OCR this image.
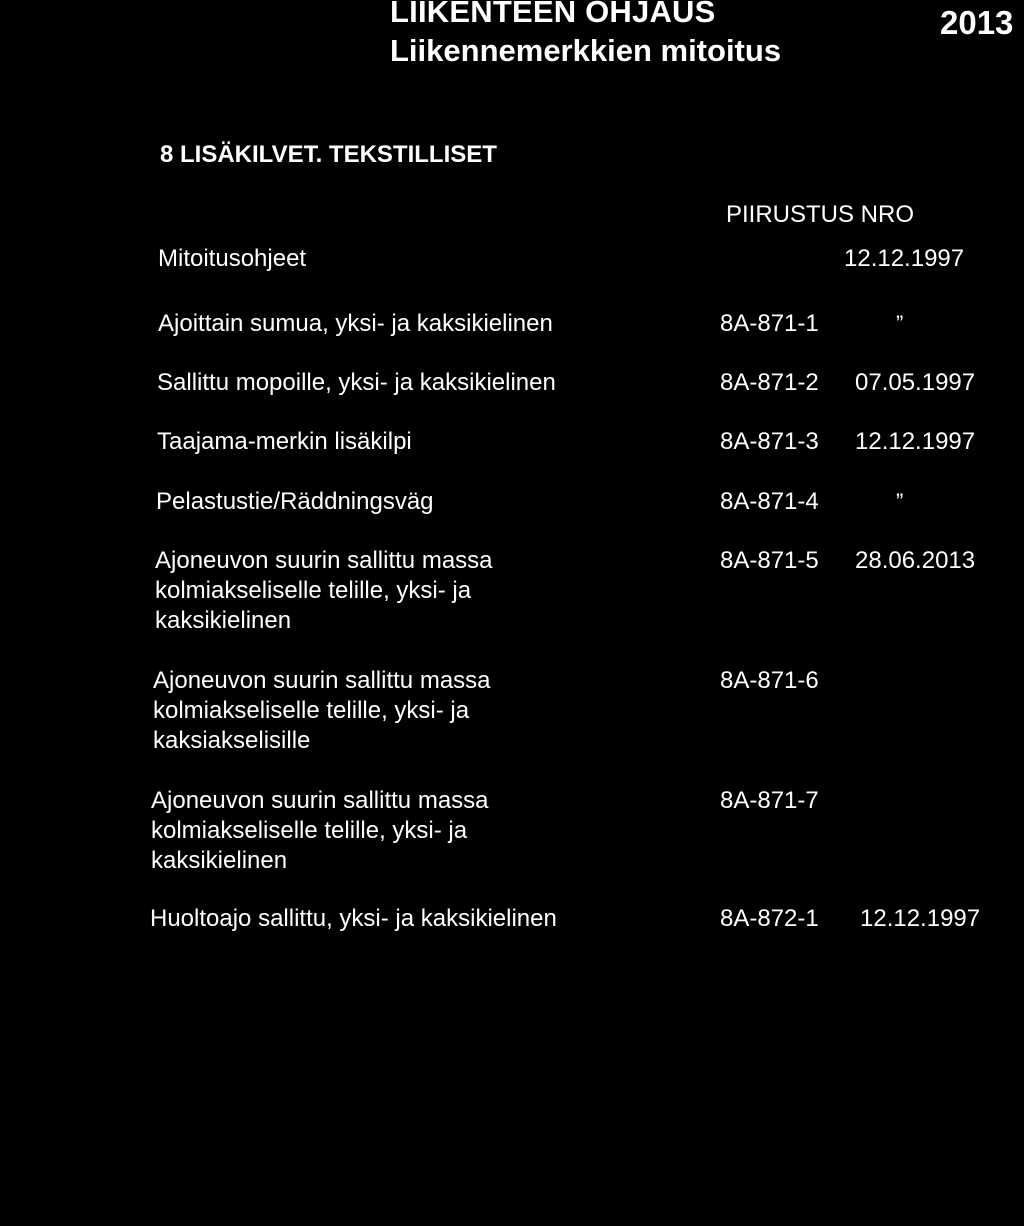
LIIKENTEEN OHJAUS
Liikennemerkkien mitoitus
2013
8 LISÄKILVET. TEKSTILLISET
PIIRUSTUS NRO
Mitoitusohjeet	12.12.1997
Ajoittain sumua, yksi- ja kaksikielinen	8A-871-1	”
Sallittu mopoille, yksi- ja kaksikielinen	8A-871-2 07.05.1997
Taajama-merkin lisäkilpi	8A-871-3 12.12.1997
Pelastustie/Räddningsväg	8A-871-4	”
Ajoneuvon suurin sallittu massa
kolmiakseliselle telille, yksi- ja
kaksikielinen
8A-871-5 28.06.2013
Ajoneuvon suurin sallittu massa
kolmiakseliselle telille, yksi- ja
kaksiakselisille
8A-871-6
Ajoneuvon suurin sallittu massa
kolmiakseliselle telille, yksi- ja
kaksikielinen
8A-871-7
Huoltoajo sallittu, yksi- ja kaksikielinen	8A-872-1 12.12.1997
